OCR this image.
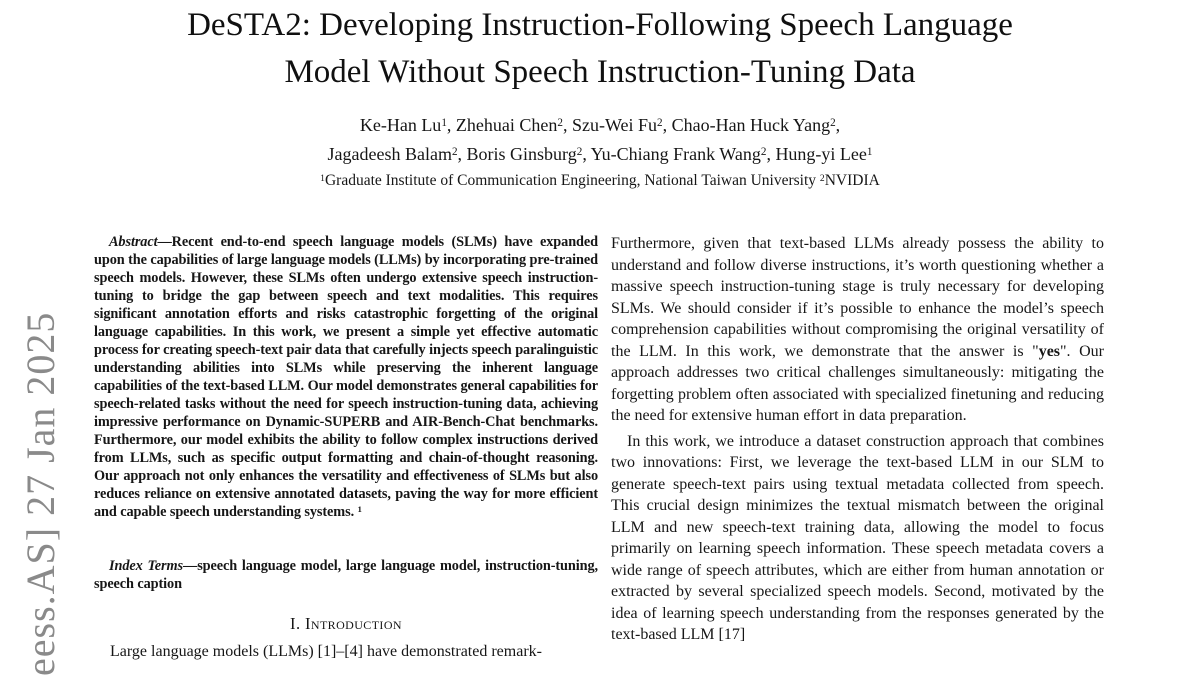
eess.AS] 27 Jan 2025
DeSTA2: Developing Instruction-Following Speech Language
Model Without Speech Instruction-Tuning Data
Ke-Han Lu$^1$, Zhehuai Chen$^2$, Szu-Wei Fu$^2$, Chao-Han Huck Yang$^2$,
Jagadeesh Balam$^2$, Boris Ginsburg$^2$, Yu-Chiang Frank Wang$^2$, Hung-yi Lee$^1$
$^1$Graduate Institute of Communication Engineering, National Taiwan University $^2$NVIDIA

Abstract—Recent end-to-end speech language models (SLMs) have expanded upon the capabilities of large language models (LLMs) by incorporating pre-trained speech models. However, these SLMs often undergo extensive speech instruction-tuning to bridge the gap between speech and text modalities. This requires significant annotation efforts and risks catastrophic forgetting of the original language capabilities. In this work, we present a simple yet effective automatic process for creating speech-text pair data that carefully injects speech paralinguistic understanding abilities into SLMs while preserving the inherent language capabilities of the text-based LLM. Our model demonstrates general capabilities for speech-related tasks without the need for speech instruction-tuning data, achieving impressive performance on Dynamic-SUPERB and AIR-Bench-Chat benchmarks. Furthermore, our model exhibits the ability to follow complex instructions derived from LLMs, such as specific output formatting and chain-of-thought reasoning. Our approach not only enhances the versatility and effectiveness of SLMs but also reduces reliance on extensive annotated datasets, paving the way for more efficient and capable speech understanding systems. $^1$

Index Terms—speech language model, large language model, instruction-tuning, speech caption

I. Introduction

Large language models (LLMs) [1]–[4] have demonstrated remark-

Furthermore, given that text-based LLMs already possess the ability to understand and follow diverse instructions, it’s worth questioning whether a massive speech instruction-tuning stage is truly necessary for developing SLMs. We should consider if it’s possible to enhance the model’s speech comprehension capabilities without compromising the original versatility of the LLM. In this work, we demonstrate that the answer is "yes". Our approach addresses two critical challenges simultaneously: mitigating the forgetting problem often associated with specialized finetuning and reducing the need for extensive human effort in data preparation.

In this work, we introduce a dataset construction approach that combines two innovations: First, we leverage the text-based LLM in our SLM to generate speech-text pairs using textual metadata collected from speech. This crucial design minimizes the textual mismatch between the original LLM and new speech-text training data, allowing the model to focus primarily on learning speech information. These speech metadata covers a wide range of speech attributes, which are either from human annotation or extracted by several specialized speech models. Second, motivated by the idea of learning speech understanding from the responses generated by the text-based LLM [17]
